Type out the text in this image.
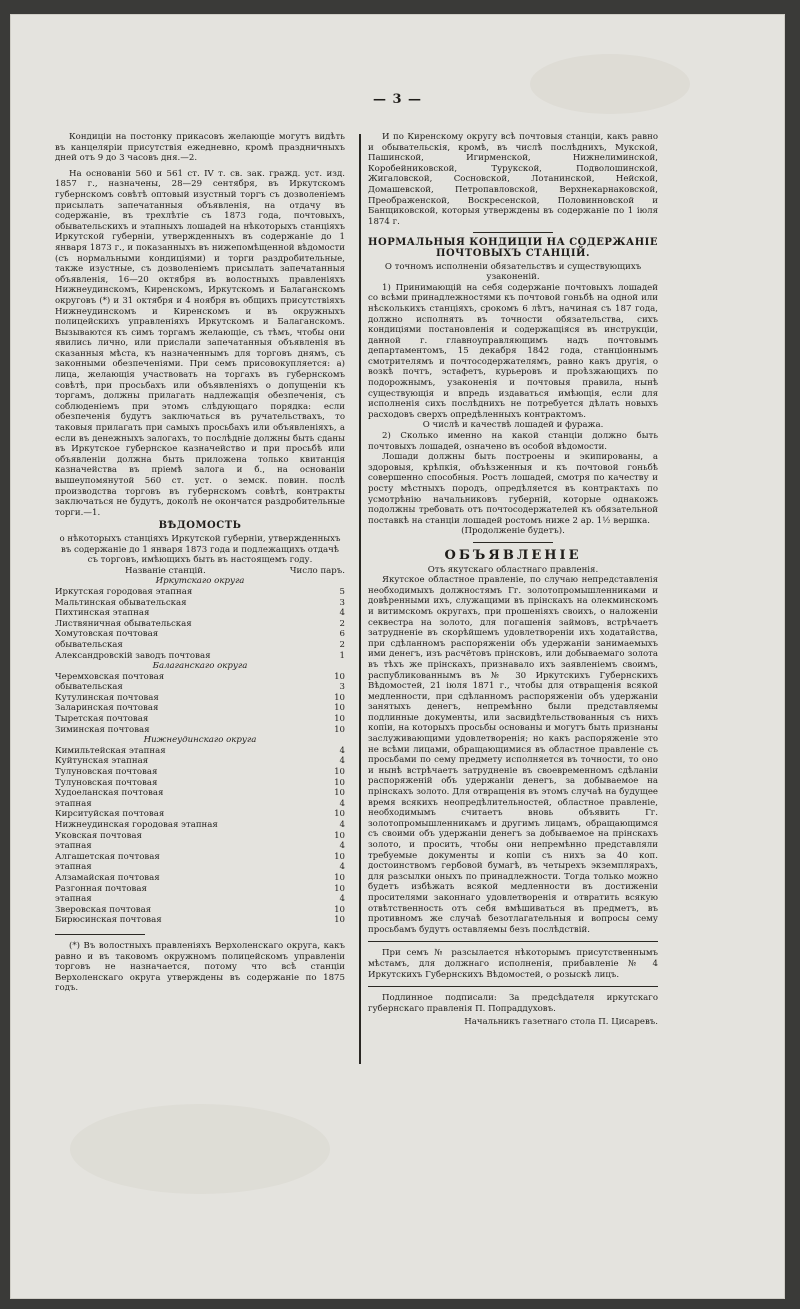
— 3 —

Кондиціи на постонку прикасовъ желающіе могутъ видѣть въ канцеляріи присутствія ежедневно, кромѣ праздничныхъ дней отъ 9 до 3 часовъ дня.—2.

На основаніи 560 и 561 ст. IV т. св. зак. гражд. уст. изд. 1857 г., назначены, 28—29 сентября, въ Иркутскомъ губернскомъ совѣтѣ оптовый изустный торгъ съ дозволеніемъ присылать запечатанныя объявленія, на отдачу въ содержаніе, въ трехлѣтіе съ 1873 года, почтовыхъ, обывательскихъ и этапныхъ лошадей на нѣкоторыхъ станціяхъ Иркутской губерніи, утвержденныхъ въ содержаніе до 1 января 1873 г., и показанныхъ въ нижепомѣщенной вѣдомости (съ нормальными кондиціями) и торги раздробительные, также изустные, съ дозволеніемъ присылать запечатанныя объявленія, 16—20 октября въ волостныхъ правленіяхъ Нижнеудинскомъ, Киренскомъ, Иркутскомъ и Балаганскомъ округовъ (*) и 31 октября и 4 ноября въ общихъ присутствіяхъ Нижнеудинскомъ и Киренскомъ и въ окружныхъ полицейскихъ управленіяхъ Иркутскомъ и Балаганскомъ. Вызываются къ симъ торгамъ желающіе, съ тѣмъ, чтобы они явились лично, или прислали запечатанныя объявленія въ сказанныя мѣста, къ назначеннымъ для торговъ днямъ, съ законными обезпеченіями. При семъ присовокупляется: а) лица, желающія участвовать на торгахъ въ губернскомъ совѣтѣ, при просьбахъ или объявленіяхъ о допущеніи къ торгамъ, должны прилагать надлежащія обезпеченія, съ соблюденіемъ при этомъ слѣдующаго порядка: если обезпеченія будутъ заключаться въ ручательствахъ, то таковыя прилагать при самыхъ просьбахъ или объявленіяхъ, а если въ денежныхъ залогахъ, то послѣдніе должны быть сданы въ Иркутское губернское казначейство и при просьбѣ или объявленіи должна быть приложена только квитанція казначейства въ пріемѣ залога и б., на основаніи вышеупомянутой 560 ст. уст. о земск. повин. послѣ производства торговъ въ губернскомъ совѣтѣ, контракты заключаться не будутъ, доколѣ не окончатся раздробительные торги.—1.

ВѢДОМОСТЬ

о нѣкоторыхъ станціяхъ Иркутской губерніи, утвержденныхъ въ содержаніе до 1 января 1873 года и подлежащихъ отдачѣ съ торговъ, имѣющихъ быть въ настоящемъ году.

Названіе станцій.	Число паръ.
Иркутскаго округа	
Иркутская городовая этапная	5
Мальтинская обывательская	3
Пихтинская этапная	4
Листвяничная обывательская	2
Хомутовская почтовая	6
обывательская	2
Александровскій заводъ почтовая	1
Балаганскаго округа	
Черемховская почтовая	10
обывательская	3
Кутулинская почтовая	10
Заларинская почтовая	10
Тыретская почтовая	10
Зиминская почтовая	10
Нижнеудинскаго округа	
Кимильтейская этапная	4
Куйтунская этапная	4
Тулуновская почтовая	10
Тулуновская почтовая	10
Худоеланская почтовая	10
этапная	4
Кирситуйская почтовая	10
Нижнеудинская городовая этапная	4
Уковская почтовая	10
этапная	4
Алгашетская почтовая	10
этапная	4
Алзамайская почтовая	10
Разгонная почтовая	10
этапная	4
Зверовская почтовая	10
Бирюсинская почтовая	10

(*) Въ волостныхъ правленіяхъ Верхоленскаго округа, какъ равно и въ таковомъ окружномъ полицейскомъ управленіи торговъ не назначается, потому что всѣ станціи Верхоленскаго округа утверждены въ содержаніе по 1875 годъ.

И по Киренскому округу всѣ почтовыя станціи, какъ равно и обывательскія, кромѣ, въ числѣ послѣднихъ, Мукской, Пашинской, Игирменской, Нижнелиминской, Коробейниковской, Турукской, Подволошинской, Жигаловской, Сосновской, Лотанинской, Нейской, Домашевской, Петропавловской, Верхнекарнаковской, Преображенской, Воскресенской, Половинновской и Банщиковской, которыя утверждены въ содержаніе по 1 іюля 1874 г.

НОРМАЛЬНЫЯ КОНДИЦІИ НА СОДЕРЖАНІЕ ПОЧТОВЫХЪ СТАНЦІЙ.

О точномъ исполненіи обязательствъ и существующихъ узаконеній.

1) Принимающій на себя содержаніе почтовыхъ лошадей со всѣми принадлежностями къ почтовой гоньбѣ на одной или нѣсколькихъ станціяхъ, срокомъ 6 лѣтъ, начиная съ 187 года, должно исполнять въ точности обязательства, сихъ кондиціями постановленія и содержащіяся въ инструкціи, данной г. главноуправляющимъ надъ почтовымъ департаментомъ, 15 декабря 1842 года, станціоннымъ смотрителямъ и почтосодержателямъ, равно какъ другія, о возкѣ почтъ, эстафетъ, курьеровъ и проѣзжающихъ по подорожнымъ, узаконенія и почтовыя правила, нынѣ существующія и впредь издаваться имѣющія, если для исполненія сихъ послѣднихъ не потребуется дѣлать новыхъ расходовъ сверхъ опредѣленныхъ контрактомъ.

О числѣ и качествѣ лошадей и фуража.

2) Сколько именно на какой станціи должно быть почтовыхъ лошадей, означено въ особой вѣдомости.

Лошади должны быть построены и экипированы, а здоровыя, крѣпкія, объѣзженныя и къ почтовой гоньбѣ совершенно способныя. Ростъ лошадей, смотря по качеству и росту мѣстныхъ породъ, опредѣляется въ контрактахъ по усмотрѣнію начальниковъ губерній, которые однакожъ подолжны требовать отъ почтосодержателей къ обязательной поставкѣ на станціи лошадей ростомъ ниже 2 ар. 1½ вершка.

(Продолженіе будетъ).

ОБЪЯВЛЕНІЕ

Отъ якутскаго областнаго правленія.

Якутское областное правленіе, по случаю непредставленія необходимыхъ должностямъ Гг. золотопромышленниками и довѣренными ихъ, служащими въ прінскахъ на олекминскомъ и витимскомъ округахъ, при прошеніяхъ своихъ, о наложеніи секвестра на золото, для погашенія займовъ, встрѣчаетъ затрудненіе въ скорѣйшемъ удовлетвореніи ихъ ходатайства, при сдѣланномъ распоряженіи объ удержаніи занимаемыхъ ими денегъ, изъ расчётовъ прінсковъ, или добываемаго золота въ тѣхъ же прінскахъ, признавало ихъ заявленіемъ своимъ, распубликованнымъ въ № 30 Иркутскихъ Губернскихъ Вѣдомостей, 21 іюля 1871 г., чтобы для отвращенія всякой медленности, при сдѣланномъ распоряженіи объ удержаніи занятыхъ денегъ, непремѣнно были представляемы подлинные документы, или засвидѣтельствованныя съ нихъ копіи, на которыхъ просьбы основаны и могутъ быть признаны заслуживающими удовлетворенія; но какъ распоряженіе это не всѣми лицами, обращающимися въ областное правленіе съ просьбами по сему предмету исполняется въ точности, то оно и нынѣ встрѣчаетъ затрудненіе въ своевременномъ сдѣланіи распоряженій объ удержаніи денегъ, за добываемое на прінскахъ золото. Для отвращенія въ этомъ случаѣ на будущее время всякихъ неопредѣлительностей, областное правленіе, необходимымъ считаетъ вновь объявить Гг. золотопромышленникамъ и другимъ лицамъ, обращающимся съ своими объ удержаніи денегъ за добываемое на прінскахъ золото, и просить, чтобы они непремѣнно представляли требуемые документы и копіи съ нихъ за 40 коп. достоинствомъ гербовой бумагѣ, въ четырехъ экземплярахъ, для разсылки оныхъ по принадлежности. Тогда только можно будетъ избѣжать всякой медленности въ достиженіи просителями законнаго удовлетворенія и отвратить всякую отвѣтственность отъ себя вмѣшиваться въ предметъ, въ противномъ же случаѣ безотлагательныя и вопросы сему просьбамъ будутъ оставляемы безъ послѣдствій.

При семъ № разсылается нѣкоторымъ присутственнымъ мѣстамъ, для должнаго исполненія, прибавленіе № 4 Иркутскихъ Губернскихъ Вѣдомостей, о розыскѣ лицъ.

Подлинное подписали: За предсѣдателя иркутскаго губернскаго правленія П. Попраддуховъ.

Начальникъ газетнаго стола П. Цисаревъ.
